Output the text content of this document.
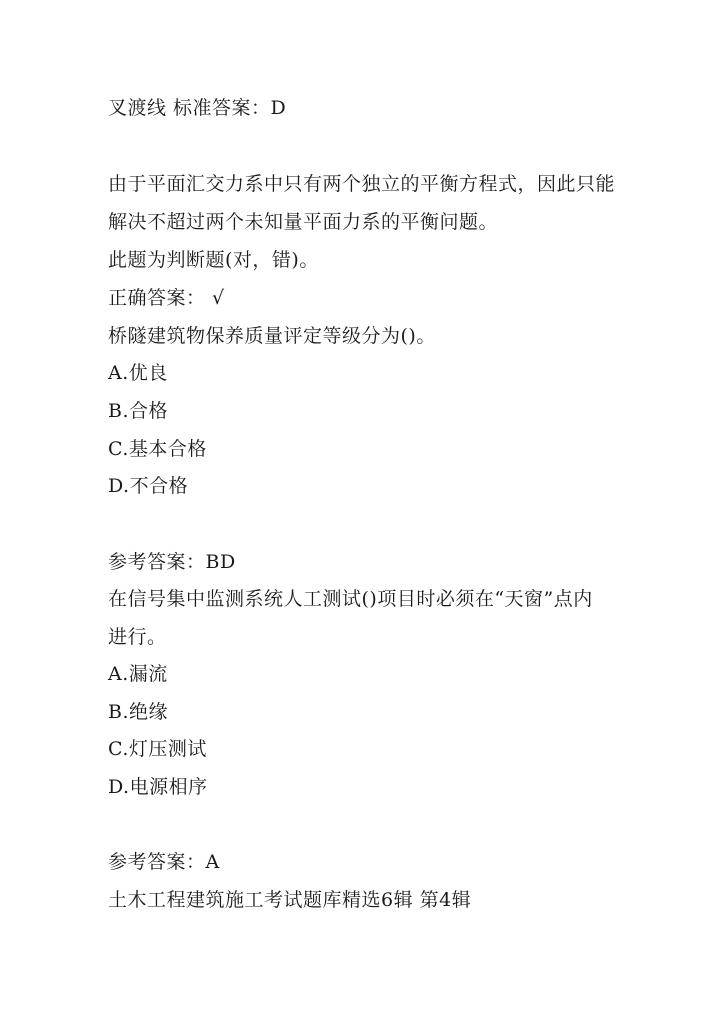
叉渡线 标准答案：D
由于平面汇交力系中只有两个独立的平衡方程式，因此只能
解决不超过两个未知量平面力系的平衡问题。
此题为判断题(对，错)。
正确答案： √
桥隧建筑物保养质量评定等级分为()。
A.优良
B.合格
C.基本合格
D.不合格
参考答案：BD
在信号集中监测系统人工测试()项目时必须在“天窗”点内
进行。
A.漏流
B.绝缘
C.灯压测试
D.电源相序
参考答案：A
土木工程建筑施工考试题库精选6辑 第4辑
